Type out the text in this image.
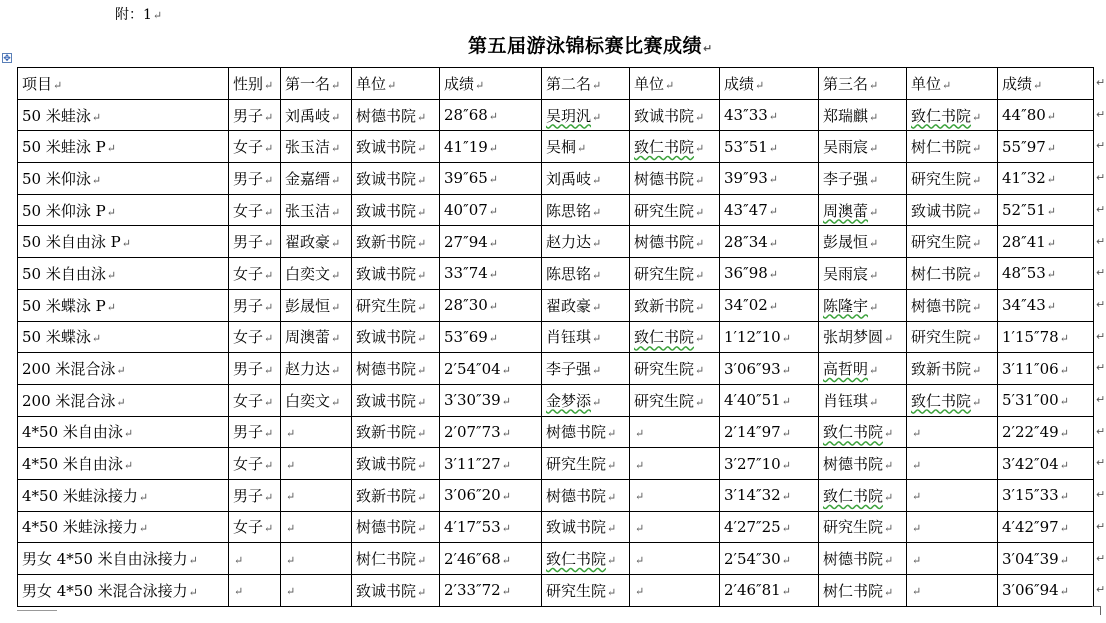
附：1↵
第五届游泳锦标赛比赛成绩↵
✥
项目↵	性别↵	第一名↵	单位↵	成绩↵	第二名↵	单位↵	成绩↵	第三名↵	单位↵	成绩↵
50 米蛙泳↵	男子↵	刘禹岐↵	树德书院↵	28″68↵	吴玥汎↵	致诚书院↵	43″33↵	郑瑞麒↵	致仁书院↵	44″80↵
50 米蛙泳 P↵	女子↵	张玉洁↵	致诚书院↵	41″19↵	吴桐↵	致仁书院↵	53″51↵	吴雨宸↵	树仁书院↵	55″97↵
50 米仰泳↵	男子↵	金嘉缙↵	致诚书院↵	39″65↵	刘禹岐↵	树德书院↵	39″93↵	李子强↵	研究生院↵	41″32↵
50 米仰泳 P↵	女子↵	张玉洁↵	致诚书院↵	40″07↵	陈思铭↵	研究生院↵	43″47↵	周澳蕾↵	致诚书院↵	52″51↵
50 米自由泳 P↵	男子↵	翟政豪↵	致新书院↵	27″94↵	赵力达↵	树德书院↵	28″34↵	彭晟恒↵	研究生院↵	28″41↵
50 米自由泳↵	女子↵	白奕文↵	致诚书院↵	33″74↵	陈思铭↵	研究生院↵	36″98↵	吴雨宸↵	树仁书院↵	48″53↵
50 米蝶泳 P↵	男子↵	彭晟恒↵	研究生院↵	28″30↵	翟政豪↵	致新书院↵	34″02↵	陈隆宇↵	树德书院↵	34″43↵
50 米蝶泳↵	女子↵	周澳蕾↵	致诚书院↵	53″69↵	肖钰琪↵	致仁书院↵	1′12″10↵	张胡梦圆↵	研究生院↵	1′15″78↵
200 米混合泳↵	男子↵	赵力达↵	树德书院↵	2′54″04↵	李子强↵	研究生院↵	3′06″93↵	高哲明↵	致新书院↵	3′11″06↵
200 米混合泳↵	女子↵	白奕文↵	致诚书院↵	3′30″39↵	金梦添↵	研究生院↵	4′40″51↵	肖钰琪↵	致仁书院↵	5′31″00↵
4*50 米自由泳↵	男子↵	↵	致新书院↵	2′07″73↵	树德书院↵	↵	2′14″97↵	致仁书院↵	↵	2′22″49↵
4*50 米自由泳↵	女子↵	↵	致诚书院↵	3′11″27↵	研究生院↵	↵	3′27″10↵	树德书院↵	↵	3′42″04↵
4*50 米蛙泳接力↵	男子↵	↵	致新书院↵	3′06″20↵	树德书院↵	↵	3′14″32↵	致仁书院↵	↵	3′15″33↵
4*50 米蛙泳接力↵	女子↵	↵	树德书院↵	4′17″53↵	致诚书院↵	↵	4′27″25↵	研究生院↵	↵	4′42″97↵
男女 4*50 米自由泳接力↵	↵	↵	树仁书院↵	2′46″68↵	致仁书院↵	↵	2′54″30↵	树德书院↵	↵	3′04″39↵
男女 4*50 米混合泳接力↵	↵	↵	致诚书院↵	2′33″72↵	研究生院↵	↵	2′46″81↵	树仁书院↵	↵	3′06″94↵
↵
↵
↵
↵
↵
↵
↵
↵
↵
↵
↵
↵
↵
↵
↵
↵
↵
